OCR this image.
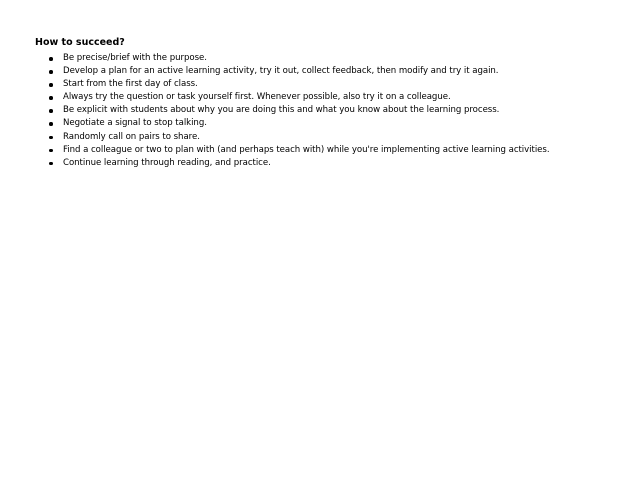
How to succeed?
Be precise/brief with the purpose.
Develop a plan for an active learning activity, try it out, collect feedback, then modify and try it again.
Start from the first day of class.
Always try the question or task yourself first. Whenever possible, also try it on a colleague.
Be explicit with students about why you are doing this and what you know about the learning process.
Negotiate a signal to stop talking.
Randomly call on pairs to share.
Find a colleague or two to plan with (and perhaps teach with) while you're implementing active learning activities.
Continue learning through reading, and practice.
